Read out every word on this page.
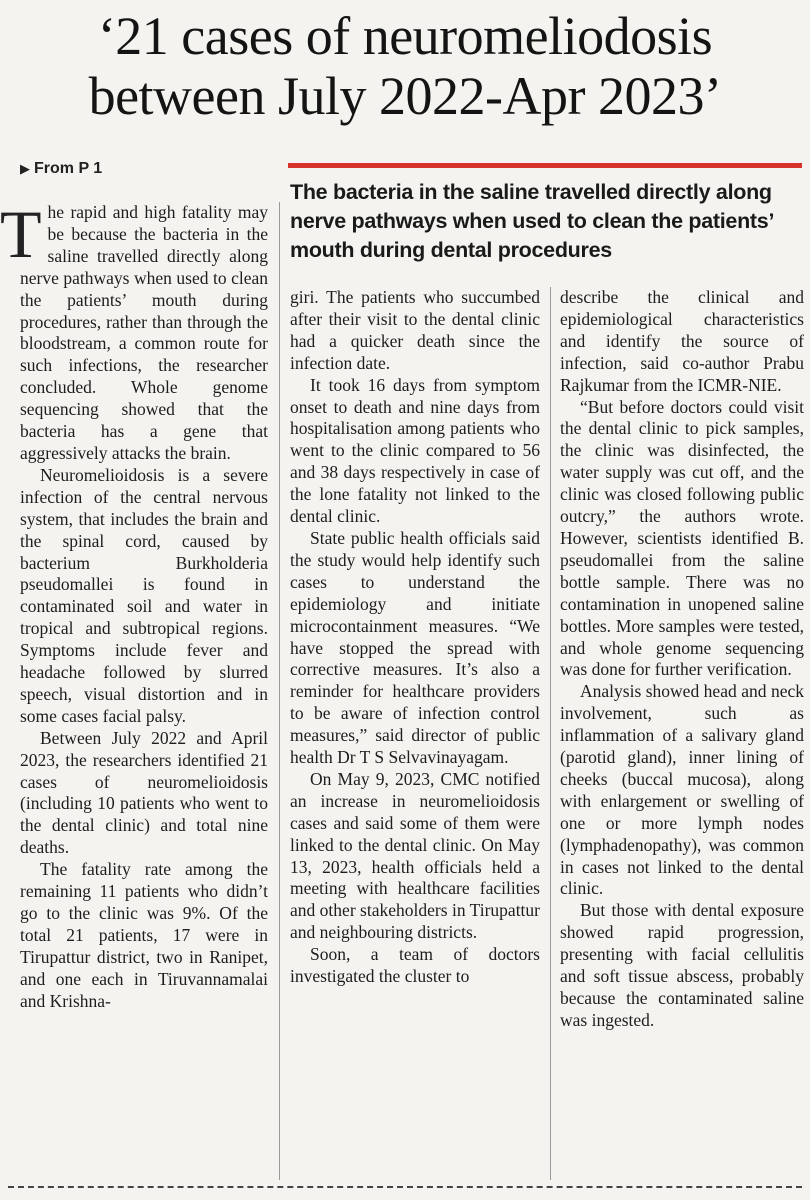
‘21 cases of neuromeliodosis
between July 2022-Apr 2023’
▶ From P 1
The bacteria in the saline travelled directly along nerve pathways when used to clean the patients’ mouth during dental procedures

The rapid and high fatality may be because the bacteria in the saline travelled directly along nerve pathways when used to clean the patients’ mouth during procedures, rather than through the bloodstream, a common route for such infections, the researcher concluded. Whole genome sequencing showed that the bacteria has a gene that aggressively attacks the brain.

Neuromelioidosis is a severe infection of the central nervous system, that includes the brain and the spinal cord, caused by bacterium Burkholderia pseudomallei is found in contaminated soil and water in tropical and subtropical regions. Symptoms include fever and headache followed by slurred speech, visual distortion and in some cases facial palsy.

Between July 2022 and April 2023, the researchers identified 21 cases of neuromelioidosis (including 10 patients who went to the dental clinic) and total nine deaths.

The fatality rate among the remaining 11 patients who didn’t go to the clinic was 9%. Of the total 21 patients, 17 were in Tirupattur district, two in Ranipet, and one each in Tiruvannamalai and Krishna-

giri. The patients who succumbed after their visit to the dental clinic had a quicker death since the infection date.

It took 16 days from symptom onset to death and nine days from hospitalisation among patients who went to the clinic compared to 56 and 38 days respectively in case of the lone fatality not linked to the dental clinic.

State public health officials said the study would help identify such cases to understand the epidemiology and initiate microcontainment measures. “We have stopped the spread with corrective measures. It’s also a reminder for healthcare providers to be aware of infection control measures,” said director of public health Dr T S Selvavinayagam.

On May 9, 2023, CMC notified an increase in neuromelioidosis cases and said some of them were linked to the dental clinic. On May 13, 2023, health officials held a meeting with healthcare facilities and other stakeholders in Tirupattur and neighbouring districts.

Soon, a team of doctors investigated the cluster to

describe the clinical and epidemiological characteristics and identify the source of infection, said co-author Prabu Rajkumar from the ICMR-NIE.

“But before doctors could visit the dental clinic to pick samples, the clinic was disinfected, the water supply was cut off, and the clinic was closed following public outcry,” the authors wrote. However, scientists identified B. pseudomallei from the saline bottle sample. There was no contamination in unopened saline bottles. More samples were tested, and whole genome sequencing was done for further verification.

Analysis showed head and neck involvement, such as inflammation of a salivary gland (parotid gland), inner lining of cheeks (buccal mucosa), along with enlargement or swelling of one or more lymph nodes (lymphadenopathy), was common in cases not linked to the dental clinic.

But those with dental exposure showed rapid progression, presenting with facial cellulitis and soft tissue abscess, probably because the contaminated saline was ingested.
